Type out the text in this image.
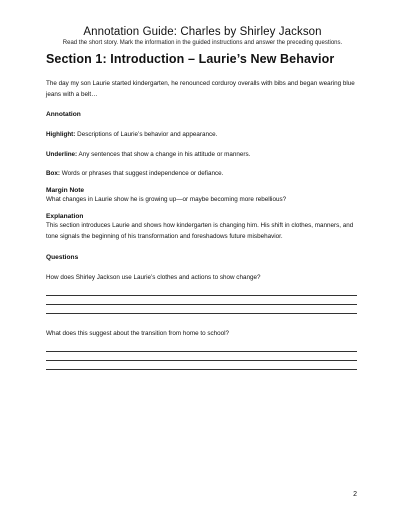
Annotation Guide: Charles by Shirley Jackson
Read the short story. Mark the information in the guided instructions and answer the preceding questions.
Section 1: Introduction – Laurie’s New Behavior

The day my son Laurie started kindergarten, he renounced corduroy overalls with bibs and began wearing blue jeans with a belt…

Annotation

Highlight: Descriptions of Laurie’s behavior and appearance.

Underline: Any sentences that show a change in his attitude or manners.

Box: Words or phrases that suggest independence or defiance.

Margin Note

What changes in Laurie show he is growing up—or maybe becoming more rebellious?

Explanation

This section introduces Laurie and shows how kindergarten is changing him. His shift in clothes, manners, and tone signals the beginning of his transformation and foreshadows future misbehavior.

Questions

How does Shirley Jackson use Laurie’s clothes and actions to show change?

What does this suggest about the transition from home to school?

2
